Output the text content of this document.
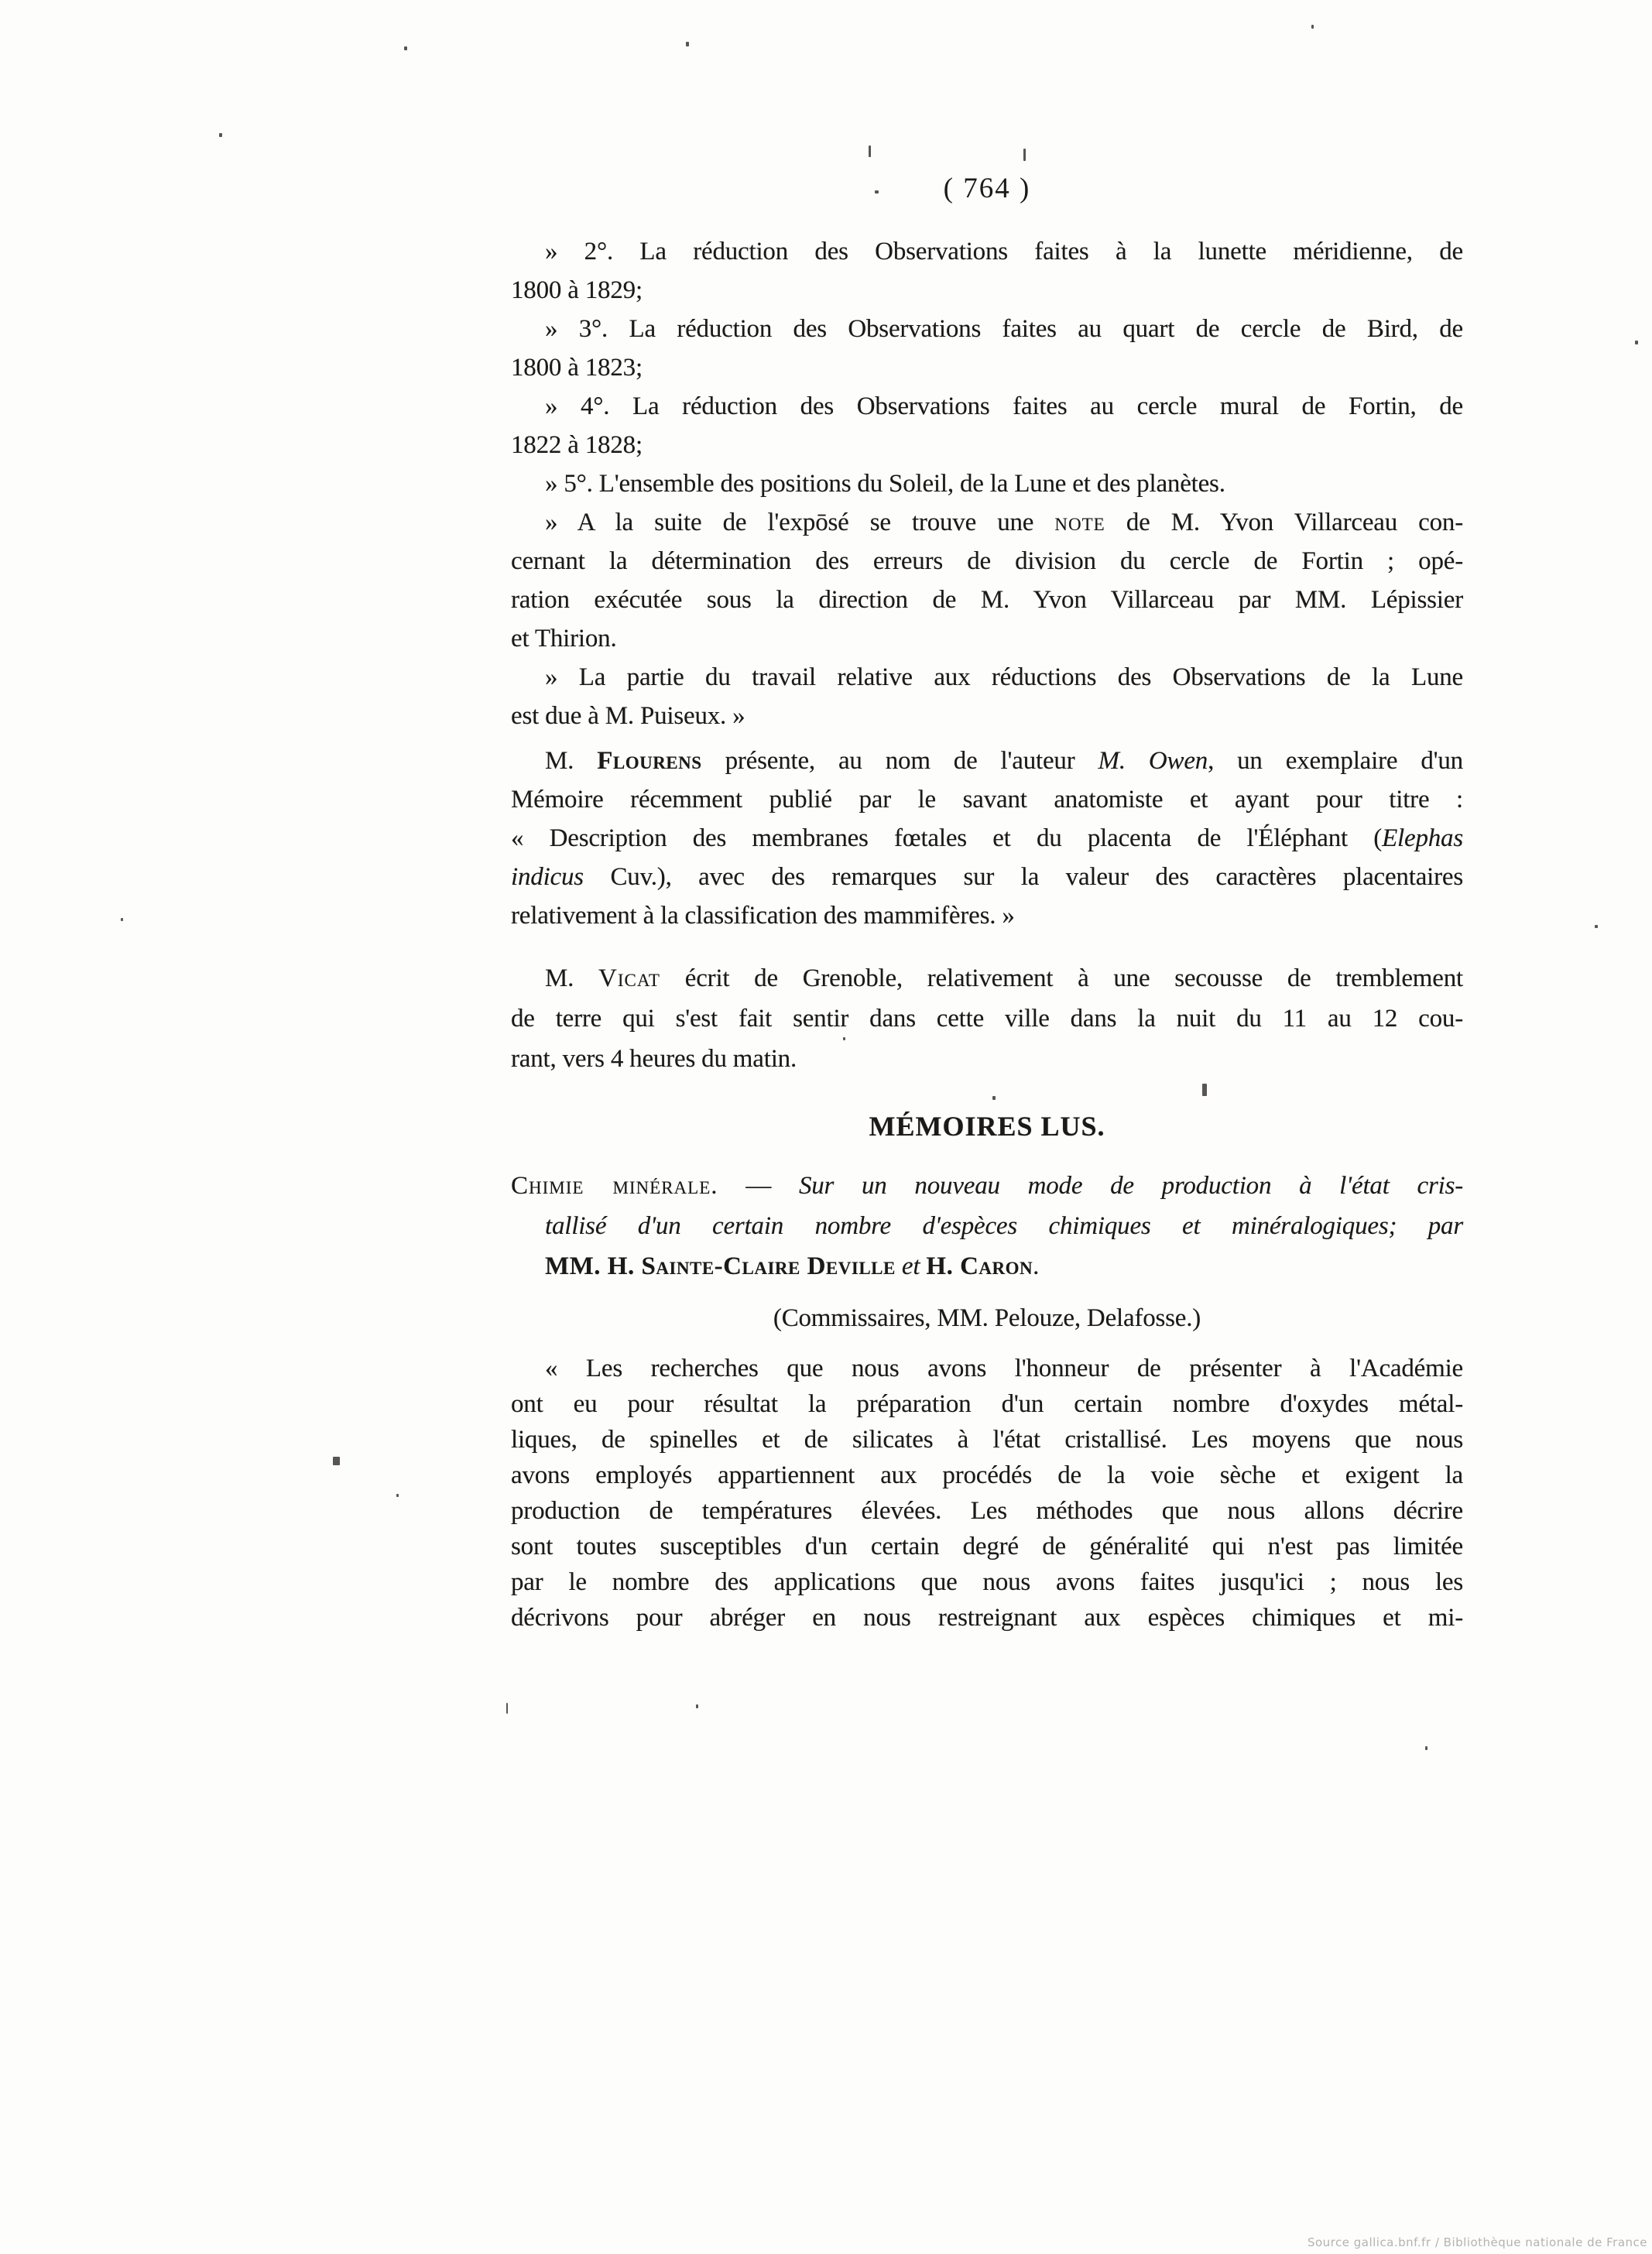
( 764 )
» 2°. La réduction des Observations faites à la lunette méridienne, de
1800 à 1829;
» 3°. La réduction des Observations faites au quart de cercle de Bird, de
1800 à 1823;
» 4°. La réduction des Observations faites au cercle mural de Fortin, de
1822 à 1828;
» 5°. L'ensemble des positions du Soleil, de la Lune et des planètes.
» A la suite de l'expōsé se trouve une note de M. Yvon Villarceau con-
cernant la détermination des erreurs de division du cercle de Fortin ; opé-
ration exécutée sous la direction de M. Yvon Villarceau par MM. Lépissier
et Thirion.
» La partie du travail relative aux réductions des Observations de la Lune
est due à M. Puiseux. »
M. Flourens présente, au nom de l'auteur M. Owen, un exemplaire d'un
Mémoire récemment publié par le savant anatomiste et ayant pour titre :
« Description des membranes fœtales et du placenta de l'Éléphant (Elephas
indicus Cuv.), avec des remarques sur la valeur des caractères placentaires
relativement à la classification des mammifères. »
M. Vicat écrit de Grenoble, relativement à une secousse de tremblement
de terre qui s'est fait sentir dans cette ville dans la nuit du 11 au 12 cou-
rant, vers 4 heures du matin.
MÉMOIRES LUS.
Chimie minérale. — Sur un nouveau mode de production à l'état cris-
tallisé d'un certain nombre d'espèces chimiques et minéralogiques; par
MM. H. Sainte-Claire Deville et H. Caron.
(Commissaires, MM. Pelouze, Delafosse.)
« Les recherches que nous avons l'honneur de présenter à l'Académie
ont eu pour résultat la préparation d'un certain nombre d'oxydes métal-
liques, de spinelles et de silicates à l'état cristallisé. Les moyens que nous
avons employés appartiennent aux procédés de la voie sèche et exigent la
production de températures élevées. Les méthodes que nous allons décrire
sont toutes susceptibles d'un certain degré de généralité qui n'est pas limitée
par le nombre des applications que nous avons faites jusqu'ici ; nous les
décrivons pour abréger en nous restreignant aux espèces chimiques et mi-
Source gallica.bnf.fr / Bibliothèque nationale de France
